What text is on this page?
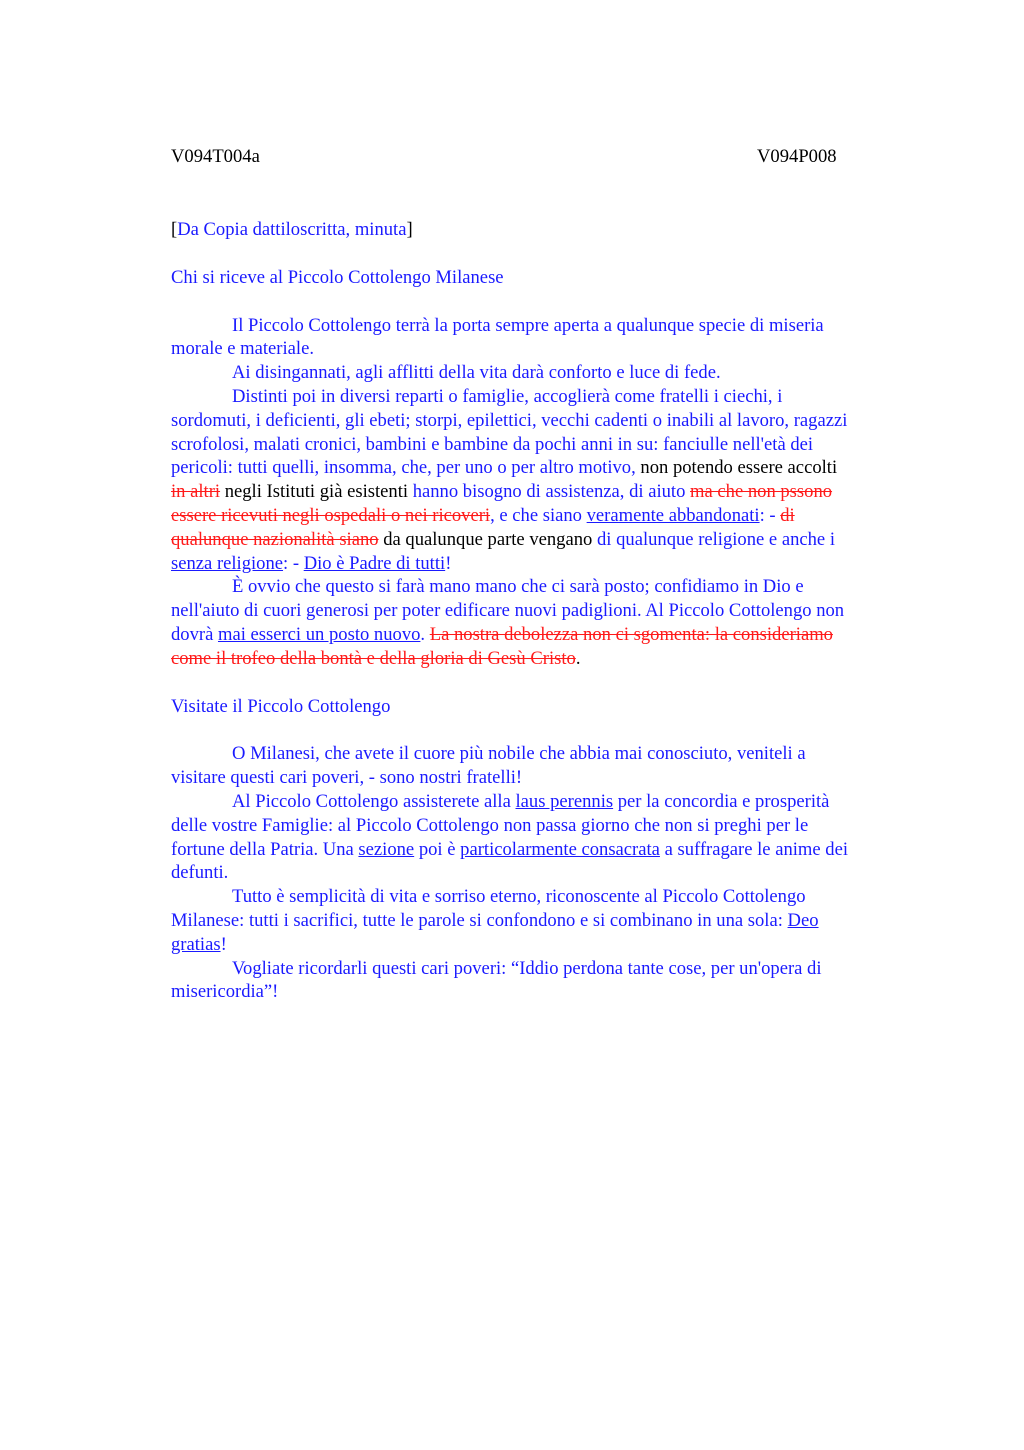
V094T004a	V094P008

[Da Copia dattiloscritta, minuta]

Chi si riceve al Piccolo Cottolengo Milanese

Il Piccolo Cottolengo terrà la porta sempre aperta a qualunque specie di miseria
morale e materiale.
Ai disingannati, agli afflitti della vita darà conforto e luce di fede.
Distinti poi in diversi reparti o famiglie, accoglierà come fratelli i ciechi, i
sordomuti, i deficienti, gli ebeti; storpi, epilettici, vecchi cadenti o inabili al lavoro, ragazzi
scrofolosi, malati cronici, bambini e bambine da pochi anni in su: fanciulle nell'età dei
pericoli: tutti quelli, insomma, che, per uno o per altro motivo, non potendo essere accolti
in altri negli Istituti già esistenti hanno bisogno di assistenza, di aiuto ma che non pssono
essere ricevuti negli ospedali o nei ricoveri, e che siano veramente abbandonati: - di
qualunque nazionalità siano da qualunque parte vengano di qualunque religione e anche i
senza religione: - Dio è Padre di tutti!
È ovvio che questo si farà mano mano che ci sarà posto; confidiamo in Dio e
nell'aiuto di cuori generosi per poter edificare nuovi padiglioni. Al Piccolo Cottolengo non
dovrà mai esserci un posto nuovo. La nostra debolezza non ci sgomenta: la consideriamo
come il trofeo della bontà e della gloria di Gesù Cristo.

Visitate il Piccolo Cottolengo

O Milanesi, che avete il cuore più nobile che abbia mai conosciuto, veniteli a
visitare questi cari poveri, - sono nostri fratelli!
Al Piccolo Cottolengo assisterete alla laus perennis per la concordia e prosperità
delle vostre Famiglie: al Piccolo Cottolengo non passa giorno che non si preghi per le
fortune della Patria. Una sezione poi è particolarmente consacrata a suffragare le anime dei
defunti.
Tutto è semplicità di vita e sorriso eterno, riconoscente al Piccolo Cottolengo
Milanese: tutti i sacrifici, tutte le parole si confondono e si combinano in una sola: Deo
gratias!
Vogliate ricordarli questi cari poveri: “Iddio perdona tante cose, per un'opera di
misericordia”!
